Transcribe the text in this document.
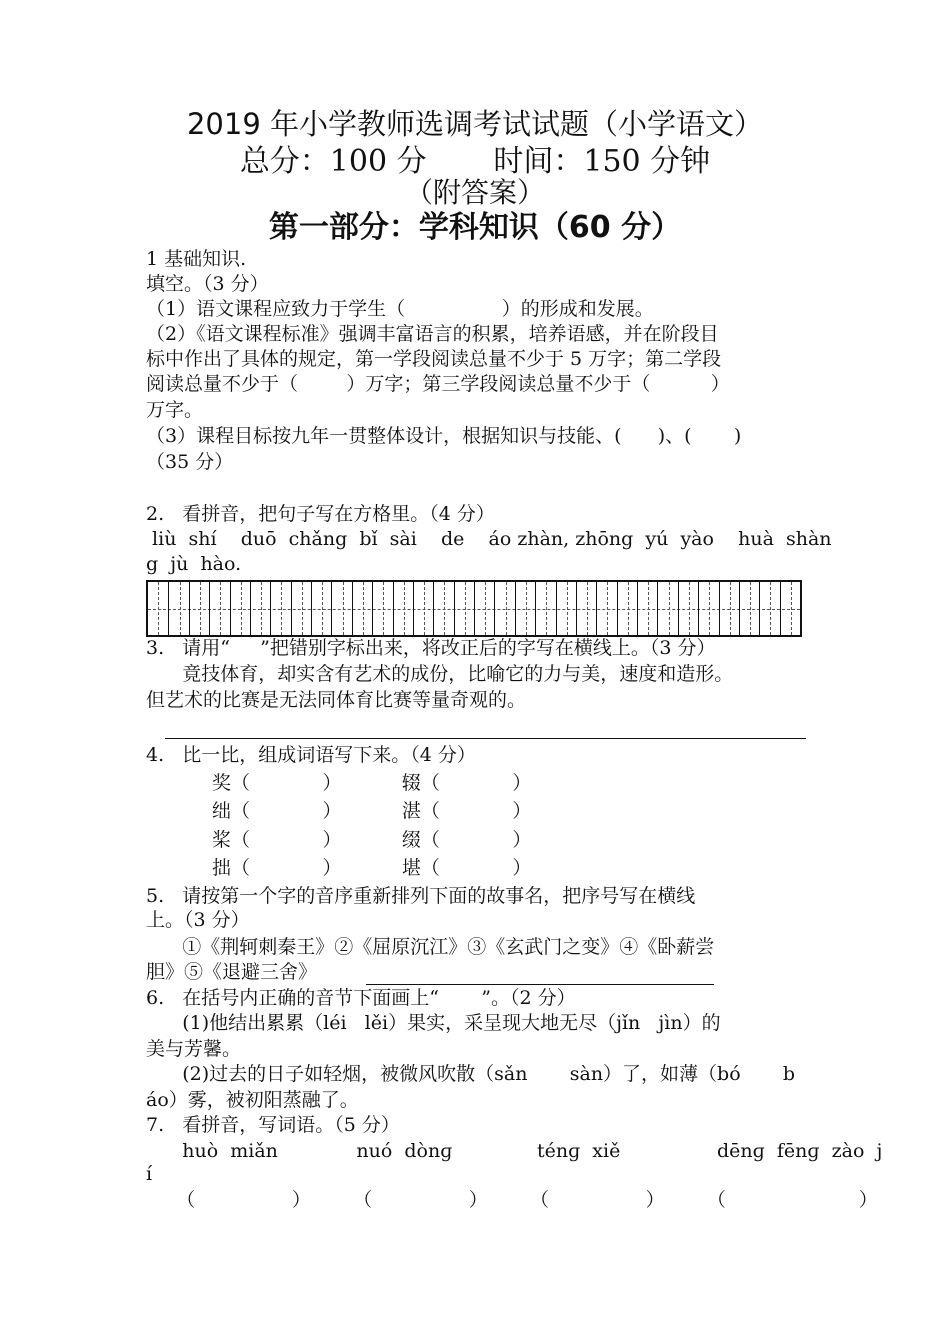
2019 年小学教师选调考试试题（小学语文）
总分：100 分       时间：150 分钟
（附答案）
第一部分：学科知识（60 分）
1 基础知识.
填空。（3 分）
（1）语文课程应致力于学生（                ）的形成和发展。
（2）《语文课程标准》强调丰富语言的积累，培养语感，并在阶段目
标中作出了具体的规定，第一学段阅读总量不少于 5 万字；第二学段
阅读总量不少于（        ）万字；第三学段阅读总量不少于（          ）
万字。
（3）课程目标按九年一贯整体设计，根据知识与技能、(      )、(       )
（35 分）
2.   看拼音，把句子写在方格里。（4 分）
liù  shí    duō  chǎng  bǐ  sài    de    áo zhàn, zhōng  yú  yào    huà  shàn
g  jù  hào.
3.   请用“     ”把错别字标出来，将改正后的字写在横线上。（3 分）
竟技体育，却实含有艺术的成份，比喻它的力与美，速度和造形。
但艺术的比赛是无法同体育比赛等量奇观的。
4.   比一比，组成词语写下来。（4 分）
奖（            ）          辍（            ）
绌（            ）          湛（            ）
桨（            ）          缀（            ）
拙（            ）          堪（            ）
5.   请按第一个字的音序重新排列下面的故事名，把序号写在横线
上。（3 分）
①《荆轲刺秦王》②《屈原沉江》③《玄武门之变》④《卧薪尝
胆》⑤《退避三舍》
6.   在括号内正确的音节下面画上“       ”。（2 分）
(1)他结出累累（léi   lěi）果实，采呈现大地无尽（jǐn   jìn）的
美与芳馨。
(2)过去的日子如轻烟，被微风吹散（sǎn       sàn）了，如薄（bó       b
áo）雾，被初阳蒸融了。
7.   看拼音，写词语。（5 分）
huò  miǎn             nuó  dònɡ              ténɡ  xiě                dēnɡ  fēnɡ  zào  j
í
（                ）       （                ）       （                ）       （                      ）
